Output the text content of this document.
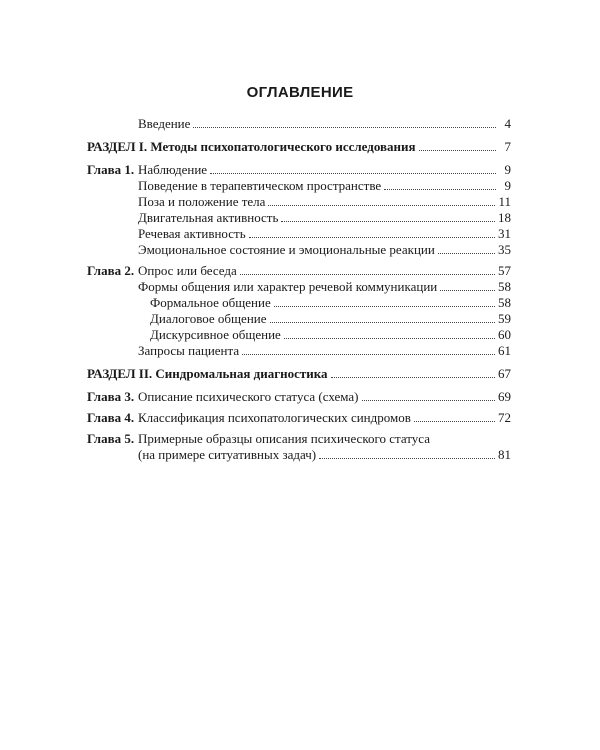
ОГЛАВЛЕНИЕ
Введение	4
РАЗДЕЛ I. Методы психопатологического исследования	7
Глава 1. Наблюдение	9
Поведение в терапевтическом пространстве	9
Поза и положение тела	11
Двигательная активность	18
Речевая активность	31
Эмоциональное состояние и эмоциональные реакции	35
Глава 2. Опрос или беседа	57
Формы общения или характер речевой коммуникации	58
Формальное общение	58
Диалоговое общение	59
Дискурсивное общение	60
Запросы пациента	61
РАЗДЕЛ II. Синдромальная диагностика	67
Глава 3. Описание психического статуса (схема)	69
Глава 4. Классификация психопатологических синдромов	72
Глава 5. Примерные образцы описания психического статуса
(на примере ситуативных задач)	81
